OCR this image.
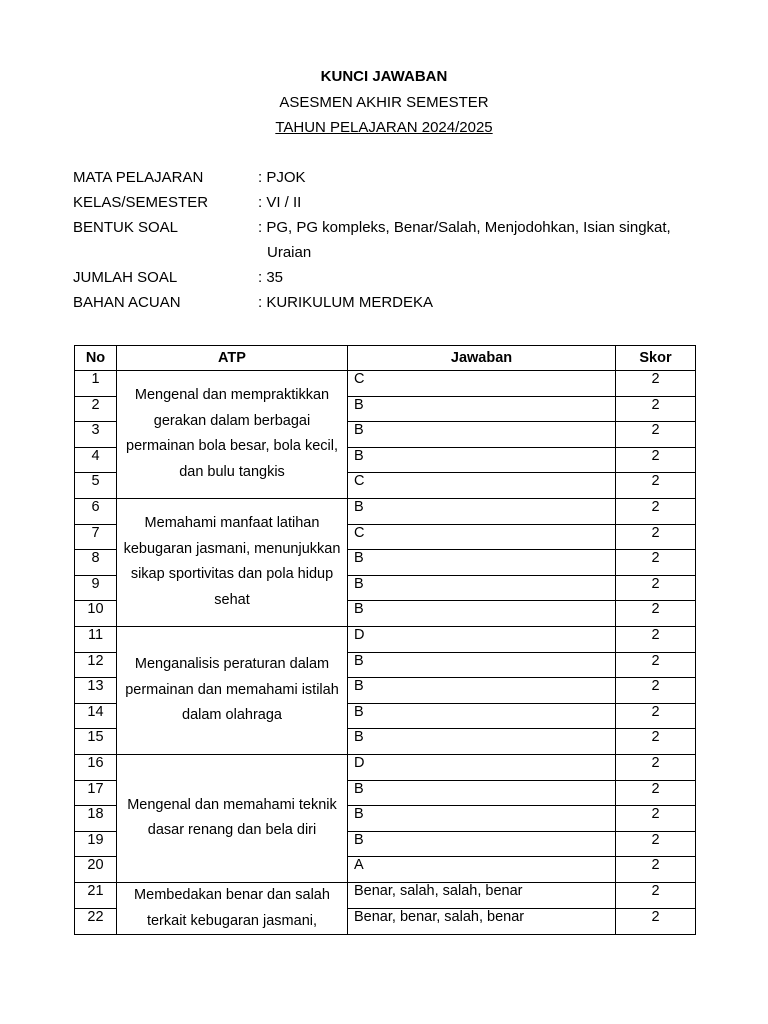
KUNCI JAWABAN
ASESMEN AKHIR SEMESTER
TAHUN PELAJARAN 2024/2025
MATA PELAJARAN	: PJOK
KELAS/SEMESTER	: VI / II
BENTUK SOAL	: PG, PG kompleks, Benar/Salah, Menjodohkan, Isian singkat,
Uraian
JUMLAH SOAL	: 35
BAHAN ACUAN	: KURIKULUM MERDEKA
No	ATP	Jawaban	Skor
1	Mengenal dan mempraktikkan gerakan dalam berbagai permainan bola besar, bola kecil, dan bulu tangkis	C	2
2		B	2
3		B	2
4		B	2
5		C	2
6	Memahami manfaat latihan kebugaran jasmani, menunjukkan sikap sportivitas dan pola hidup sehat	B	2
7		C	2
8		B	2
9		B	2
10		B	2
11	Menganalisis peraturan dalam permainan dan memahami istilah dalam olahraga	D	2
12		B	2
13		B	2
14		B	2
15		B	2
16	Mengenal dan memahami teknik dasar renang dan bela diri	D	2
17		B	2
18		B	2
19		B	2
20		A	2
21	Membedakan benar dan salah terkait kebugaran jasmani,	Benar, salah, salah, benar	2
22		Benar, benar, salah, benar	2
